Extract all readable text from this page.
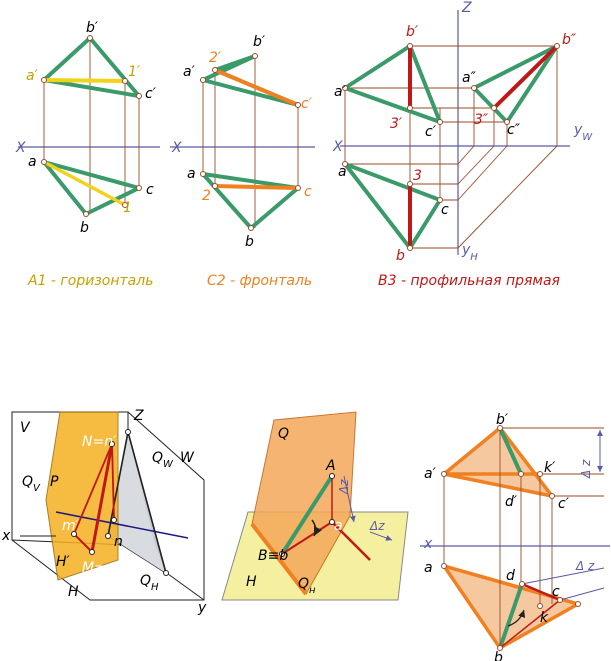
b′
a′	1′
c′
X
a
c
1
b
A1 - горизонталь
b′
a′
2′
c′
X
a
2	c
b
C2 - фронталь
b′	b″
Z
a′
a″
3′ c′
3″
c″	$y_W$
X
a	3
c
b	$y_H$
B3 - профильная прямая
V
Z
N=n′
P
$Q_W$ W
$Q_V$
m′
n
x
M=m
$Q_H$
H′
H
y
Q
A
Δz
a Δz
B≡b
H	$Q_н$
b′
Δ z
a′	k′
d′	c′
x
Δ z
a	d
c
k
b
